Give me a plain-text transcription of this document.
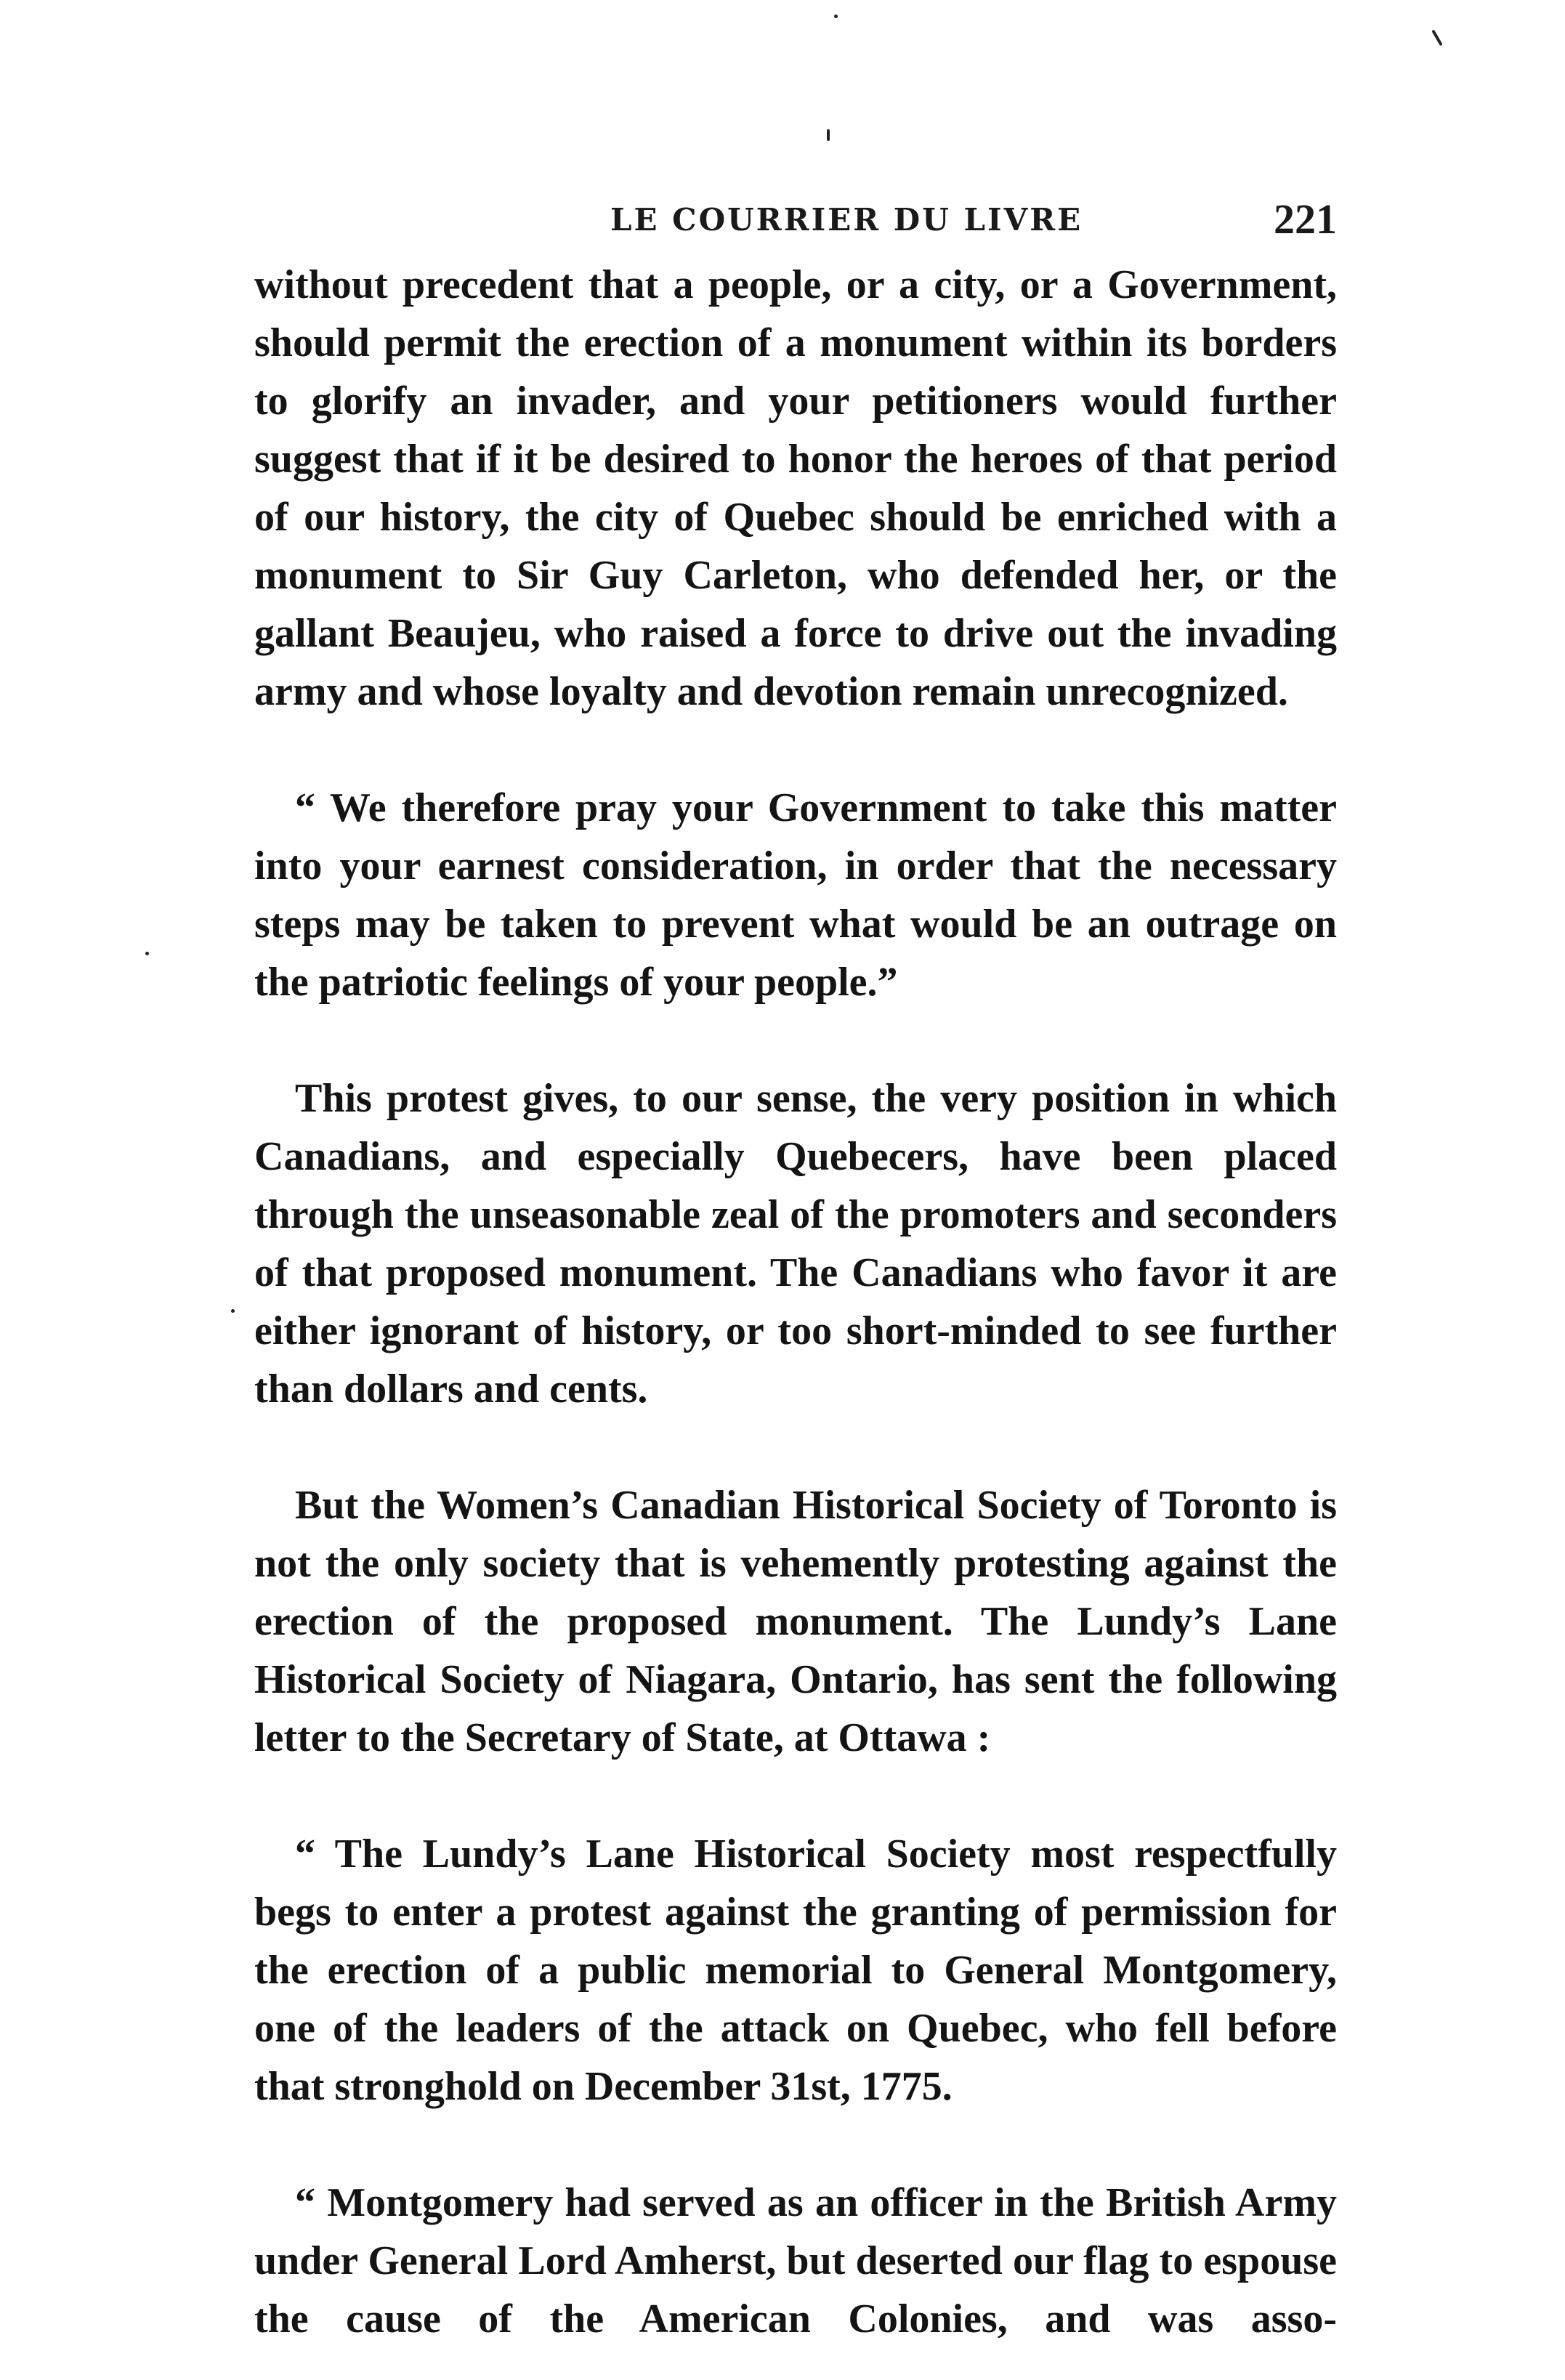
LE COURRIER DU LIVRE	221

without precedent that a people, or a city, or a Government, should permit the erection of a monument within its borders to glorify an invader, and your petitioners would further suggest that if it be desired to honor the heroes of that period of our history, the city of Quebec should be enriched with a monument to Sir Guy Carleton, who defended her, or the gallant Beaujeu, who raised a force to drive out the invading army and whose loyalty and devotion remain unrecognized.

“ We therefore pray your Government to take this matter into your earnest consideration, in order that the necessary steps may be taken to prevent what would be an outrage on the patriotic feelings of your people.”

This protest gives, to our sense, the very position in which Canadians, and especially Quebecers, have been placed through the unseasonable zeal of the promoters and seconders of that proposed monument. The Canadians who favor it are either ignorant of history, or too short-minded to see further than dollars and cents.

But the Women’s Canadian Historical Society of Toronto is not the only society that is vehemently protesting against the erection of the proposed monument. The Lundy’s Lane Historical Society of Niagara, Ontario, has sent the following letter to the Secretary of State, at Ottawa :

“ The Lundy’s Lane Historical Society most respectfully begs to enter a protest against the granting of permission for the erection of a public memorial to General Montgomery, one of the leaders of the attack on Quebec, who fell before that stronghold on December 31st, 1775.

“ Montgomery had served as an officer in the British Army under General Lord Amherst, but deserted our flag to espouse the cause of the American Colonies, and was asso-
